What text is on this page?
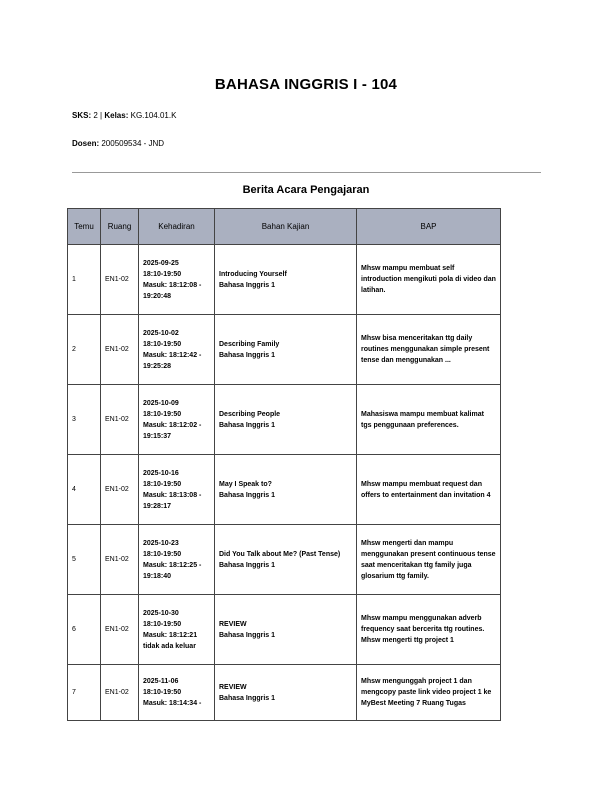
BAHASA INGGRIS I - 104
SKS: 2 | Kelas: KG.104.01.K
Dosen: 200509534 - JND
Berita Acara Pengajaran
Temu	Ruang	Kehadiran	Bahan Kajian	BAP
1	EN1-02	2025-09-25
18:10-19:50
Masuk: 18:12:08 -
19:20:48	Introducing Yourself
Bahasa Inggris 1	Mhsw mampu membuat self introduction mengikuti pola di video dan latihan.

2	EN1-02	2025-10-02
18:10-19:50
Masuk: 18:12:42 -
19:25:28	Describing Family
Bahasa Inggris 1	Mhsw bisa menceritakan ttg daily routines menggunakan simple present tense dan menggunakan ...

3	EN1-02	2025-10-09
18:10-19:50
Masuk: 18:12:02 -
19:15:37	Describing People
Bahasa Inggris 1	Mahasiswa mampu membuat kalimat tgs penggunaan preferences.

4	EN1-02	2025-10-16
18:10-19:50
Masuk: 18:13:08 -
19:28:17	May I Speak to?
Bahasa Inggris 1	Mhsw mampu membuat request dan offers to entertainment dan invitation 4

5	EN1-02	2025-10-23
18:10-19:50
Masuk: 18:12:25 -
19:18:40	Did You Talk about Me? (Past Tense)
Bahasa Inggris 1	Mhsw mengerti dan mampu menggunakan present continuous tense saat menceritakan ttg family juga glosarium ttg family.

6	EN1-02	2025-10-30
18:10-19:50
Masuk: 18:12:21
tidak ada keluar	REVIEW
Bahasa Inggris 1	Mhsw mampu menggunakan adverb frequency saat bercerita ttg routines. Mhsw mengerti ttg project 1

7	EN1-02	2025-11-06
18:10-19:50
Masuk: 18:14:34 -	REVIEW
Bahasa Inggris 1	Mhsw mengunggah project 1 dan mengcopy paste link video project 1 ke MyBest Meeting 7 Ruang Tugas
